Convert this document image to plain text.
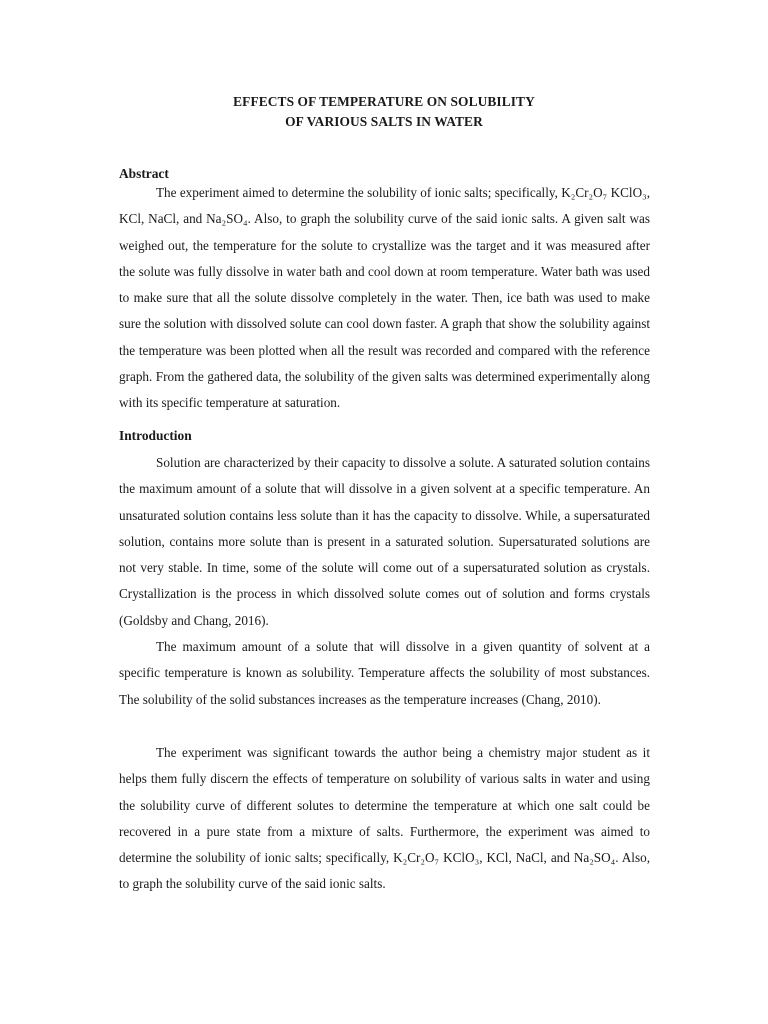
EFFECTS OF TEMPERATURE ON SOLUBILITY
OF VARIOUS SALTS IN WATER
Abstract

The experiment aimed to determine the solubility of ionic salts; specifically, K₂Cr₂O₇ KClO₃, KCl, NaCl, and Na₂SO₄. Also, to graph the solubility curve of the said ionic salts. A given salt was weighed out, the temperature for the solute to crystallize was the target and it was measured after the solute was fully dissolve in water bath and cool down at room temperature. Water bath was used to make sure that all the solute dissolve completely in the water. Then, ice bath was used to make sure the solution with dissolved solute can cool down faster. A graph that show the solubility against the temperature was been plotted when all the result was recorded and compared with the reference graph. From the gathered data, the solubility of the given salts was determined experimentally along with its specific temperature at saturation.

Introduction

Solution are characterized by their capacity to dissolve a solute. A saturated solution contains the maximum amount of a solute that will dissolve in a given solvent at a specific temperature. An unsaturated solution contains less solute than it has the capacity to dissolve. While, a supersaturated solution, contains more solute than is present in a saturated solution. Supersaturated solutions are not very stable. In time, some of the solute will come out of a supersaturated solution as crystals. Crystallization is the process in which dissolved solute comes out of solution and forms crystals (Goldsby and Chang, 2016).

The maximum amount of a solute that will dissolve in a given quantity of solvent at a specific temperature is known as solubility. Temperature affects the solubility of most substances. The solubility of the solid substances increases as the temperature increases (Chang, 2010).

The experiment was significant towards the author being a chemistry major student as it helps them fully discern the effects of temperature on solubility of various salts in water and using the solubility curve of different solutes to determine the temperature at which one salt could be recovered in a pure state from a mixture of salts. Furthermore, the experiment was aimed to determine the solubility of ionic salts; specifically, K₂Cr₂O₇ KClO₃, KCl, NaCl, and Na₂SO₄. Also, to graph the solubility curve of the said ionic salts.
